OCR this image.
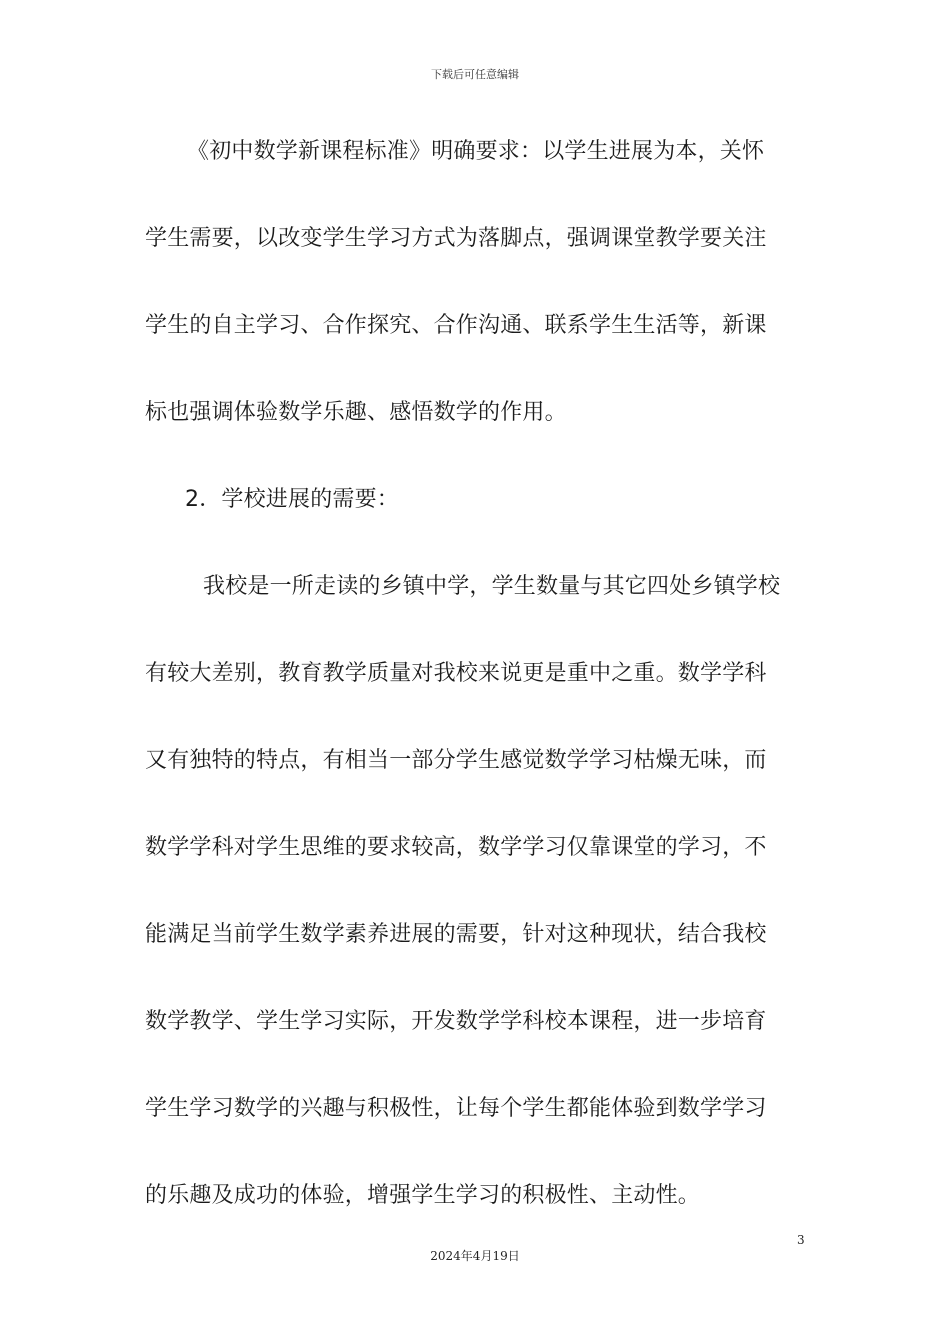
下载后可任意编辑
《初中数学新课程标准》明确要求：以学生进展为本，关怀
学生需要，以改变学生学习方式为落脚点，强调课堂教学要关注
学生的自主学习、合作探究、合作沟通、联系学生生活等，新课
标也强调体验数学乐趣、感悟数学的作用。
2．学校进展的需要：
我校是一所走读的乡镇中学，学生数量与其它四处乡镇学校
有较大差别，教育教学质量对我校来说更是重中之重。数学学科
又有独特的特点，有相当一部分学生感觉数学学习枯燥无味，而
数学学科对学生思维的要求较高，数学学习仅靠课堂的学习，不
能满足当前学生数学素养进展的需要，针对这种现状，结合我校
数学教学、学生学习实际，开发数学学科校本课程，进一步培育
学生学习数学的兴趣与积极性，让每个学生都能体验到数学学习
的乐趣及成功的体验，增强学生学习的积极性、主动性。
3
2024年4月19日
